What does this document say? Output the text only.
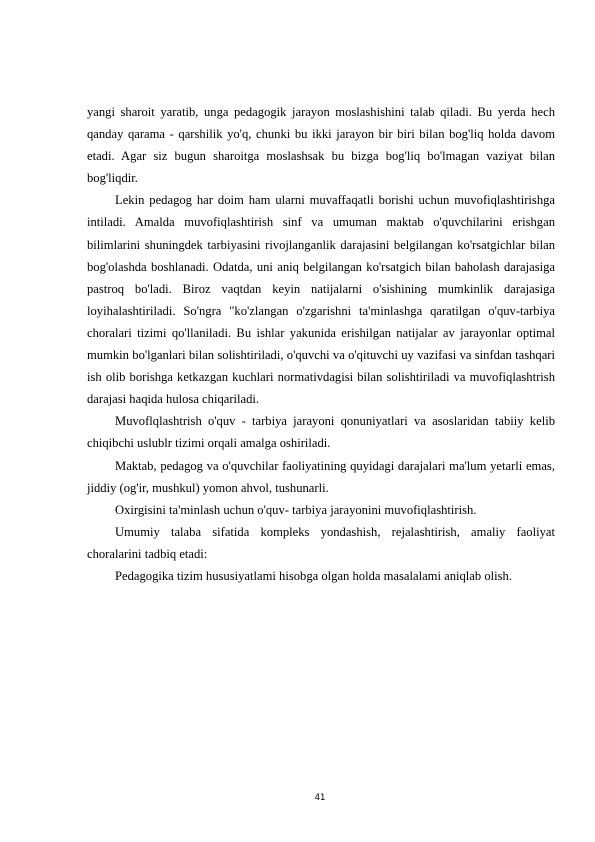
yangi sharoit yaratib, unga pedagogik jarayon moslashishini talab qiladi. Bu yerda hech qanday qarama - qarshilik yo'q, chunki bu ikki jarayon bir biri bilan bog'liq holda davom etadi. Agar siz bugun sharoitga moslashsak bu bizga bog'liq bo'lmagan vaziyat bilan bog'liqdir.

Lekin pedagog har doim ham ularni muvaffaqatli borishi uchun muvofiqlashtirishga intiladi. Amalda muvofiqlashtirish sinf va umuman maktab o'quvchilarini erishgan bilimlarini shuningdek tarbiyasini rivojlanganlik darajasini belgilangan ko'rsatgichlar bilan bog'olashda boshlanadi. Odatda, uni aniq belgilangan ko'rsatgich bilan baholash darajasiga pastroq bo'ladi. Biroz vaqtdan keyin natijalarni o'sishining mumkinlik darajasiga loyihalashtiriladi. So'ngra "ko'zlangan o'zgarishni ta'minlashga qaratilgan o'quv-tarbiya choralari tizimi qo'llaniladi. Bu ishlar yakunida erishilgan natijalar av jarayonlar optimal mumkin bo'lganlari bilan solishtiriladi, o'quvchi va o'qituvchi uy vazifasi va sinfdan tashqari ish olib borishga ketkazgan kuchlari normativdagisi bilan solishtiriladi va muvofiqlashtrish darajasi haqida hulosa chiqariladi.

Muvoflqlashtrish o'quv - tarbiya jarayoni qonuniyatlari va asoslaridan tabiiy kelib chiqibchi uslublr tizimi orqali amalga oshiriladi.

Maktab, pedagog va o'quvchilar faoliyatining quyidagi darajalari ma'lum yetarli emas, jiddiy (og'ir, mushkul) yomon ahvol, tushunarli.

Oxirgisini ta'minlash uchun o'quv- tarbiya jarayonini muvofiqlashtirish.

Umumiy talaba sifatida kompleks yondashish, rejalashtirish, amaliy faoliyat choralarini tadbiq etadi:

Pedagogika tizim hususiyatlami hisobga olgan holda masalalami aniqlab olish.

41
